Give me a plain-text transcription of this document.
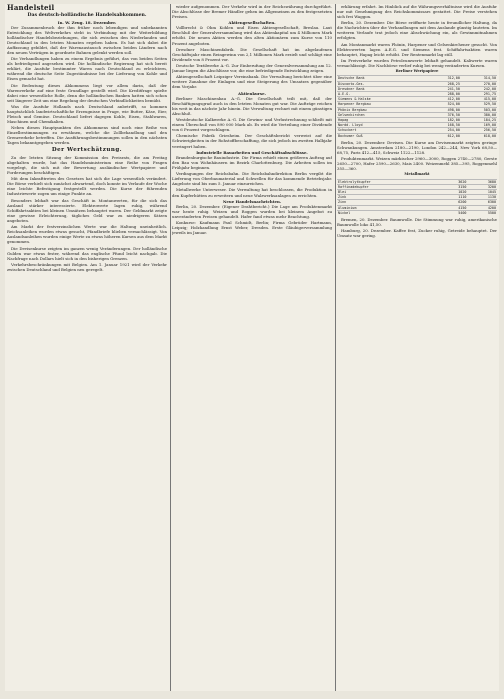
Handelsteil
Das deutsch-holländische Handelsabkommen.
In. W. Zeug. 18. Dezember.

Der Zusammenbruch der ihm früher noch lebendigen und unbekannten Entwicklung des Weltverkehrs steht in Verbindung mit der Weiterbildung holländischer Handelsbeziehungen, die sich zwischen den Niederlanden und Deutschland in den letzten Monaten ergeben haben. Es hat sich dabei die Auffassung gebildet, daß der Warenaustausch zwischen beiden Ländern nach den neuen Verträgen in geordnete Bahnen gelenkt werden soll.

Die Verhandlungen haben zu einem Ergebnis geführt, das von beiden Seiten als befriedigend angesehen wird. Die holländische Regierung hat sich bereit erklärt, die Ausfuhr bestimmter Waren nach Deutschland zu erleichtern, während die deutsche Seite Zugeständnisse bei der Lieferung von Kohle und Eisen gemacht hat.

Die Bedeutung dieses Abkommens liegt vor allem darin, daß der Warenverkehr auf eine feste Grundlage gestellt wird. Die Kreditfrage spielte dabei eine wesentliche Rolle, denn die holländischen Banken hatten sich schon seit längerer Zeit um eine Regelung der deutschen Verbindlichkeiten bemüht.

Was die Ausfuhr Hollands nach Deutschland anbetrifft, so kommen hauptsächlich landwirtschaftliche Erzeugnisse in Frage, wie Butter, Käse, Eier, Fleisch und Gemüse. Deutschland liefert dagegen Kohle, Eisen, Stahlwaren, Maschinen und Chemikalien.

Neben diesen Hauptpunkten des Abkommens sind noch eine Reihe von Einzelbestimmungen zu erwähnen, welche die Zollbehandlung und den Grenzverkehr betreffen. Die Ausführungsbestimmungen sollen in den nächsten Tagen bekanntgegeben werden.

Der Wertschätzung.

Zu der letzten Sitzung der Kommission des Preisrats, die am Freitag abgehalten wurde, hat das Handelsministerium eine Reihe von Fragen vorgelegt, die sich mit der Bewertung ausländischer Wertpapiere und Forderungen beschäftigen.

Mit dem Inkrafttreten des Gesetzes hat sich die Lage wesentlich verändert. Die Börse verhielt sich zunächst abwartend, doch konnte im Verlaufe der Woche eine leichte Befestigung festgestellt werden. Die Kurse der führenden Industriewerte zogen um einige Punkte an.

Besonders lebhaft war das Geschäft in Montanwerten, für die sich das Ausland stärker interessierte. Elektrowerte lagen ruhig, während Schiffahrtsaktien bei kleinen Umsätzen behauptet waren. Der Geldmarkt zeigte eine gewisse Erleichterung, tägliches Geld war zu niedrigeren Sätzen angeboten.

Am Markt der festverzinslichen Werte war die Haltung uneinheitlich. Reichsanleihen wurden etwas gesucht, Pfandbriefe blieben vernachlässigt. Von Auslandsanleihen wurden einige Werte zu etwas höheren Kursen aus dem Markt genommen.

Die Devisenkurse zeigten im ganzen wenig Veränderungen. Der holländische Gulden war etwas fester, während das englische Pfund leicht nachgab. Die Nachfrage nach Dollars hielt sich in den bisherigen Grenzen.

Verkehrsbeschränkungen mit Belgien. Am 1. Januar 1921 wird der Verkehr zwischen Deutschland und Belgien neu geregelt.

wieder aufgenommen. Der Verkehr wird in der Reichswährung durchgeführt. Die Abschlüsse der Bremer Händler gehen im Allgemeinen zu den festgesetzten Preisen.

Aktiengesellschaften.

Vollbrecht & Ohm Kohlen und Eisen Aktiengesellschaft, Breslau. Laut Beschluß der Generalversammlung wird das Aktienkapital um 4 Millionen Mark erhöht. Die neuen Aktien werden den alten Aktionären zum Kurse von 110 Prozent angeboten.

Dresdner Maschinenfabrik. Die Gesellschaft hat im abgelaufenen Geschäftsjahr einen Reingewinn von 2,1 Millionen Mark erzielt und schlägt eine Dividende von 8 Prozent vor.

Deutsche Textilwerke A.-G. Zur Einberufung der Generalversammlung am 12. Januar liegen die Abschlüsse vor, die eine befriedigende Entwicklung zeigen.

Aktiengesellschaft Leipziger Vereinsbank. Die Verwaltung berichtet über eine weitere Zunahme der Einlagen und eine Steigerung des Umsatzes gegenüber dem Vorjahr.

Aktienkurse.

Berliner Maschinenbau A.-G. Die Gesellschaft teilt mit, daß der Beschäftigungsgrad auch in den letzten Monaten gut war. Die Aufträge reichen bis weit in das nächste Jahr hinein. Die Verwaltung rechnet mit einem günstigen Abschluß.

Westdeutsche Kalkwerke A.-G. Die Gewinn- und Verlustrechnung schließt mit einem Überschuß von 890 000 Mark ab. Es wird die Verteilung einer Dividende von 6 Prozent vorgeschlagen.

Chemische Fabrik Griesheim. Der Geschäftsbericht verweist auf die Schwierigkeiten in der Rohstoffbeschaffung, die sich jedoch im zweiten Halbjahr verringert haben.

Industrielle Bauarbeiten und Geschäftsabschlüsse.

Brandenburgische Bauindustrie. Die Firma erhielt einen größeren Auftrag auf den Bau von Wohnhäusern im Bezirk Charlottenburg. Die Arbeiten sollen im Frühjahr beginnen.

Verdingungen der Reichsbahn. Die Reichsbahndirektion Berlin vergibt die Lieferung von Oberbaumaterial und Schwellen für das kommende Betriebsjahr. Angebote sind bis zum 5. Januar einzureichen.

Metallwerke Unterweser. Die Verwaltung hat beschlossen, die Produktion in den Kupferhütten zu erweitern und neue Walzwerksanlagen zu errichten.

Neue Handelsnachrichten.

Berlin, 20. Dezember. (Eigener Drahtbericht.) Die Lage am Produktenmarkt war heute ruhig. Weizen und Roggen wurden bei kleinem Angebot zu unveränderten Preisen gehandelt. Hafer fand etwas mehr Beachtung.

Konkurse: Kaufmann Paul Schmidt, Berlin; Firma Gebrüder Hartmann, Leipzig; Holzhandlung Ernst Weber, Dresden. Erste Gläubigerversammlung jeweils im Januar.

erklärung erfahrt. Im Hinblick auf die Währungsverhältnisse wird die Ausfuhr nur mit Genehmigung des Reichskommissars gestattet. Die Preise verstehen sich frei Waggon.

Berlin, 20. Dezember. Die Börse eröffnete heute in freundlicher Haltung, da die Nachrichten über die Verhandlungen mit dem Auslande günstig lauteten. Im weiteren Verlaufe trat jedoch eine Abschwächung ein, als Gewinnmitnahmen erfolgten.

Am Montanmarkt waren Phönix, Harpener und Gelsenkirchener gesucht. Von Elektrowerten lagen A.E.G. und Siemens fest. Schiffahrtsaktien waren behauptet, Hapag leicht erhöht. Der Rentenmarkt lag still.

Im Freiverkehr wurden Petroleumwerte lebhaft gehandelt. Kaliwerte waren vernachlässigt. Die Nachbörse verlief ruhig bei wenig veränderten Kursen.

Berliner Wertpapiere
Deutsche Bank	312,00	314,50
Disconto-Ges.	268,25	270,00
Dresdner Bank	241,50	242,00
A.E.G.	288,00	291,75
Siemens & Halske	412,00	415,00
Harpener Bergbau	524,00	529,50
Phönix Bergbau	498,00	503,00
Gelsenkirchen	376,50	380,00
Hapag	182,00	184,25
Nordd. Lloyd	168,50	169,00
Schuckert	254,00	256,50
Bochumer Guß	612,00	618,00

Berlin, 20. Dezember. Devisen. Die Kurse am Devisenmarkt zeigten geringe Schwankungen. Amsterdam 2180—2190, London 242—244, New York 68,50—68,75, Paris 412—415, Schweiz 1122—1128.

Produktenmarkt. Weizen märkischer 2960—3000, Roggen 2740—2780, Gerste 2650—2700, Hafer 2590—2630, Mais 2400. Weizenmehl 385—395, Roggenmehl 355—360.

Metallmarkt
Elektrolytkupfer	3620	3680
Raffinadekupfer	3150	3200
Blei	1020	1045
Zink	1110	1130
Zinn	6200	6300
Aluminium	4150	4200
Nickel	5400	5500

Bremen, 20. Dezember. Baumwolle. Die Stimmung war ruhig, amerikanische Baumwolle loko 41,50.

Hamburg, 20. Dezember. Kaffee fest, Zucker ruhig, Getreide behauptet. Der Umsatz war gering.
